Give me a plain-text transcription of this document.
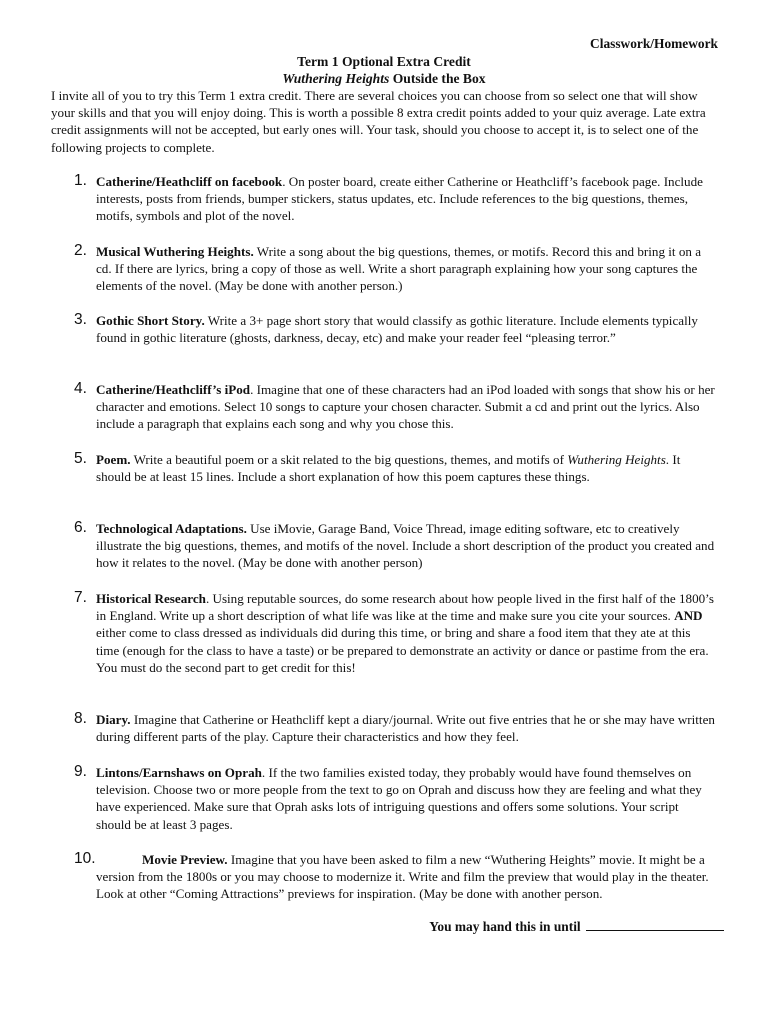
Classwork/Homework
Term 1 Optional Extra Credit
Wuthering Heights Outside the Box
I invite all of you to try this Term 1 extra credit. There are several choices you can choose from so select one that will show your skills and that you will enjoy doing. This is worth a possible 8 extra credit points added to your quiz average. Late extra credit assignments will not be accepted, but early ones will. Your task, should you choose to accept it, is to select one of the following projects to complete.
1. Catherine/Heathcliff on facebook. On poster board, create either Catherine or Heathcliff’s facebook page. Include interests, posts from friends, bumper stickers, status updates, etc. Include references to the big questions, themes, motifs, symbols and plot of the novel.
2. Musical Wuthering Heights. Write a song about the big questions, themes, or motifs. Record this and bring it on a cd. If there are lyrics, bring a copy of those as well. Write a short paragraph explaining how your song captures the elements of the novel. (May be done with another person.)
3. Gothic Short Story. Write a 3+ page short story that would classify as gothic literature. Include elements typically found in gothic literature (ghosts, darkness, decay, etc) and make your reader feel “pleasing terror.”
4. Catherine/Heathcliff’s iPod. Imagine that one of these characters had an iPod loaded with songs that show his or her character and emotions. Select 10 songs to capture your chosen character. Submit a cd and print out the lyrics. Also include a paragraph that explains each song and why you chose this.
5. Poem. Write a beautiful poem or a skit related to the big questions, themes, and motifs of Wuthering Heights. It should be at least 15 lines. Include a short explanation of how this poem captures these things.
6. Technological Adaptations. Use iMovie, Garage Band, Voice Thread, image editing software, etc to creatively illustrate the big questions, themes, and motifs of the novel. Include a short description of the product you created and how it relates to the novel. (May be done with another person)
7. Historical Research. Using reputable sources, do some research about how people lived in the first half of the 1800’s in England. Write up a short description of what life was like at the time and make sure you cite your sources. AND either come to class dressed as individuals did during this time, or bring and share a food item that they ate at this time (enough for the class to have a taste) or be prepared to demonstrate an activity or dance or pastime from the era. You must do the second part to get credit for this!
8. Diary. Imagine that Catherine or Heathcliff kept a diary/journal. Write out five entries that he or she may have written during different parts of the play. Capture their characteristics and how they feel.
9. Lintons/Earnshaws on Oprah. If the two families existed today, they probably would have found themselves on television. Choose two or more people from the text to go on Oprah and discuss how they are feeling and what they have experienced. Make sure that Oprah asks lots of intriguing questions and offers some solutions. Your script should be at least 3 pages.
10.	Movie Preview. Imagine that you have been asked to film a new “Wuthering Heights” movie. It might be a version from the 1800s or you may choose to modernize it. Write and film the preview that would play in the theater. Look at other “Coming Attractions” previews for inspiration. (May be done with another person.
You may hand this in until
